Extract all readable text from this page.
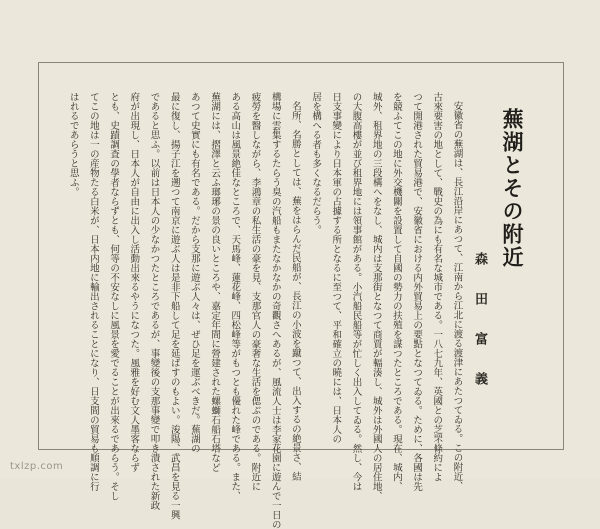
蕪湖とその附近
森 田 富 義
安徽省の蕪湖は、長江沿岸にあつて、江南から江北に渡る渡津にあたつてゐる。この附近、
古來要害の地として、戰史の為にも有名な城市である。一八七九年、英國との芝罘條約によ
つて開港された貿易港で、安徽省における内外貿易上の要點となつてゐる。ために、各國は先
を競ふてこの地に外交機關を設置して自國の勢力の扶殖を謀つたところである。現在、城内、
城外、租界地の三段構へをなし、城内は支那街となつて商賈が輻湊し、城外は外國人の居住地、
の大腹高樓が並び租界地には領事館がある。小汽船民船等が忙しく出入してゐる。然し、今は
日支事變により日本軍の占據する所となるに至つて、平和確立の曉には、日本人の
居を構へる者も多くなるだらう。
名所、名勝としては、蕪をはらんだ民船が、長江の小波を蹴つて、出入するの絶景さ、結
構場に雲集するたらう臭の汽船もまたなかなかの奇觀さへあるが、風流人士は李家花園に遊んで一日の
疲勞を醫しながら、李鴻章の私生活の豪を見、支那官人の豪奢な生活を偲ぶのである。附近に
ある高山は風景絶佳なところで、天馬峰、蓮花峰、四松峰等がもつとも優れた峰である。また、
蕪湖には、摺澤と云ふ瑯琊の景の良いところや、嘉定年間に營建された螺螄石船石塔など
あつて史實にも有名である。だから支那に遊ぶ人々は、ぜひ足を運ぶべきだ。蕪湖の
最に復し、揚子江を遡つて南京に遊ぶ人は是非下船して足を延ばすのもよい。浚陽、武昌を見る一興
であると思ふ。以前は日本人の少なかつたところであるが、事變後の支那事變で叩き潰された新政
府が出現し、日本人が自由に出入し活動出來るやうになつた。風雅を好む文人墨客ならず
とも、史蹟調査の學者ならずとも、何等の不安なしに風景を愛でることが出來るであらう。そし
てこの地は一の産物たる白米が、日本内地に輸出されることになり、日支間の貿易も順調に行
はれるであらうと思ふ。
txlzp.com
